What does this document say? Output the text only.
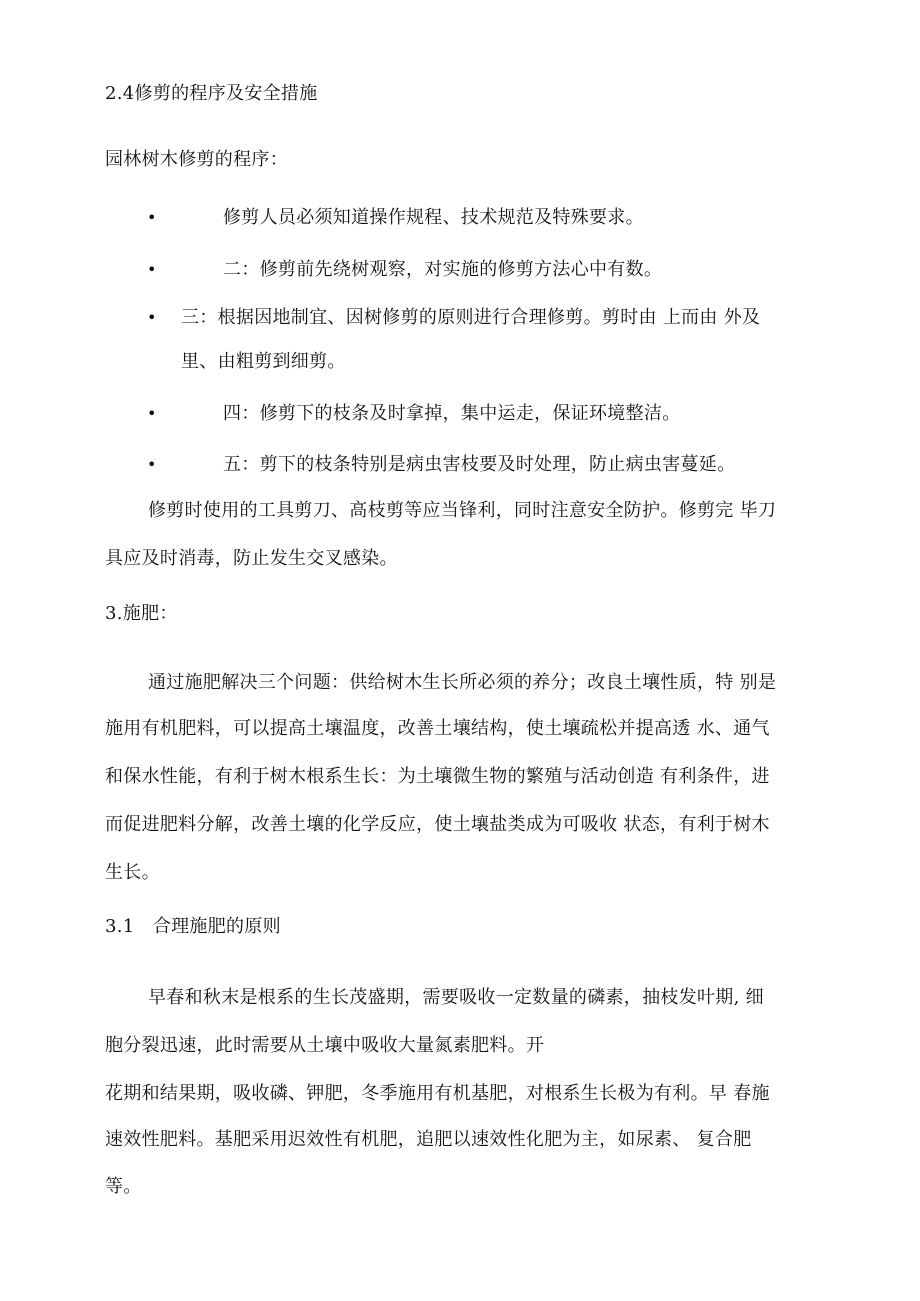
2.4修剪的程序及安全措施
园林树木修剪的程序：
•	修剪人员必须知道操作规程、技术规范及特殊要求。
•	二：修剪前先绕树观察，对实施的修剪方法心中有数。
• 三：根据因地制宜、因树修剪的原则进行合理修剪。剪时由 上而由 外及
里、由粗剪到细剪。
•	四：修剪下的枝条及时拿掉，集中运走，保证环境整洁。
•	五：剪下的枝条特别是病虫害枝要及时处理，防止病虫害蔓延。
修剪时使用的工具剪刀、高枝剪等应当锋利，同时注意安全防护。修剪完 毕刀
具应及时消毒，防止发生交叉感染。
3.施肥：
通过施肥解决三个问题：供给树木生长所必须的养分；改良土壤性质，特 别是
施用有机肥料，可以提高土壤温度，改善土壤结构，使土壤疏松并提高透 水、通气
和保水性能，有利于树木根系生长：为土壤微生物的繁殖与活动创造 有利条件，进
而促进肥料分解，改善土壤的化学反应，使土壤盐类成为可吸收 状态，有利于树木
生长。
3.1　合理施肥的原则
早春和秋末是根系的生长茂盛期，需要吸收一定数量的磷素，抽枝发叶期, 细
胞分裂迅速，此时需要从土壤中吸收大量氮素肥料。开
花期和结果期，吸收磷、钾肥，冬季施用有机基肥，对根系生长极为有利。早 春施
速效性肥料。基肥采用迟效性有机肥，追肥以速效性化肥为主，如尿素、 复合肥
等。
